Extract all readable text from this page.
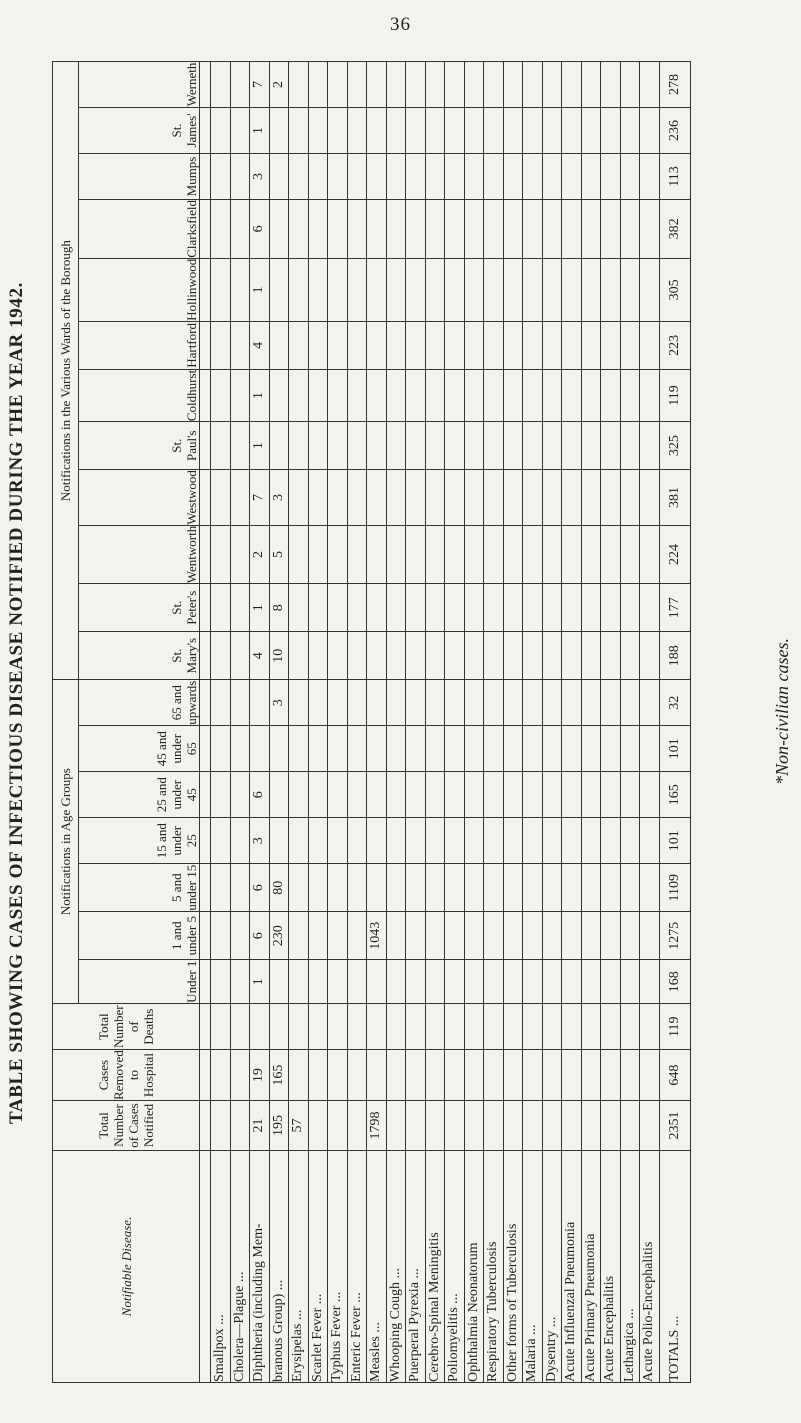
36
TABLE SHOWING CASES OF INFECTIOUS DISEASE NOTIFIED DURING THE YEAR 1942.
Notifiable Disease.	Total Number of Cases Notified	Cases Removed to Hospital	Total Number of Deaths	Notifications in Age Groups							Notifications in the Various Wards of the Borough											
				Under 1	1 and under 5	5 and under 15	15 and under 25	25 and under 45	45 and under 65	65 and upwards	St. Mary's	St. Peter's	Wentworth	Westwood	St. Paul's	Coldhurst	Hartford	Hollinwood	Clarksfield	Mumps	St. James'	Werneth

Smallpox ...																						
Cholera—Plague ...																						
Diphtheria (including Mem-	21	19		1	6	6	3	6			4	1	2	7	1	1	4	1	6	3	1	7
branous Group) ...	195	165			230	80				3	10	8	5	3								2
Erysipelas ...	57																					
Scarlet Fever ...																						
Typhus Fever ...																						
Enteric Fever ...																						
Measles ...	1798				1043																	
Whooping Cough ...																						
Puerperal Pyrexia ...																						
Cerebro-Spinal Meningitis																						
Poliomyelitis ...																						
Ophthalmia Neonatorum																						
Respiratory Tuberculosis																						
Other forms of Tuberculosis																						
Malaria ...																						
Dysentry ...																						
Acute Influenzal Pneumonia																						
Acute Primary Pneumonia																						
Acute Encephalitis																						
Lethargica ...																						
Acute Polio-Encephalitis																						
TOTALS ...	2351	648	119	168	1275	1109	101	165	101	32	188	177	224	381	325	119	223	305	382	113	236	278
*Non-civilian cases.
